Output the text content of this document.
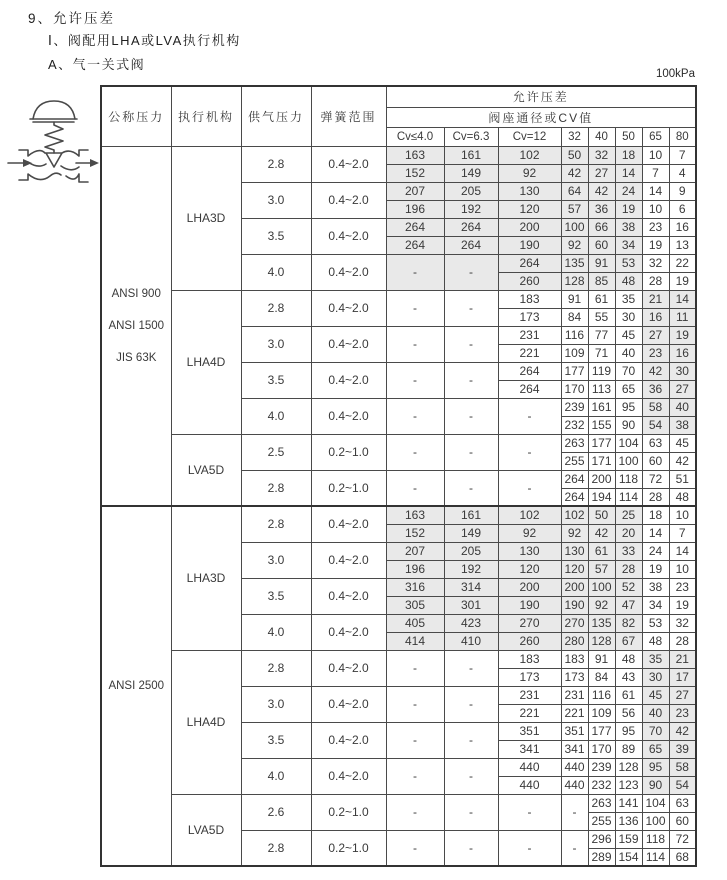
9、允许压差
Ⅰ、阀配用LHA或LVA执行机构
A、气一关式阀
100kPa
公称压力	执行机构	供气压力	弹簧范围	允许压差							
				阀座通径或CV值							
				Cv≤4.0	Cv=6.3	Cv=12	32	40	50	65	80

ANSI 900
ANSI 1500
JIS 63K	LHA3D	2.8	0.4~2.0	163	161	102	50	32	18	10	7
				152	149	92	42	27	14	7	4
		3.0	0.4~2.0	207	205	130	64	42	24	14	9
				196	192	120	57	36	19	10	6
		3.5	0.4~2.0	264	264	200	100	66	38	23	16
				264	264	190	92	60	34	19	13
		4.0	0.4~2.0	-	-	264	135	91	53	32	22
						260	128	85	48	28	19
	LHA4D	2.8	0.4~2.0	-	-	183	91	61	35	21	14
						173	84	55	30	16	11
		3.0	0.4~2.0	-	-	231	116	77	45	27	19
						221	109	71	40	23	16
		3.5	0.4~2.0	-	-	264	177	119	70	42	30
						264	170	113	65	36	27
		4.0	0.4~2.0	-	-	-	239	161	95	58	40
							232	155	90	54	38
	LVA5D	2.5	0.2~1.0	-	-	-	263	177	104	63	45
							255	171	100	60	42
		2.8	0.2~1.0	-	-	-	264	200	118	72	51
							264	194	114	28	48

ANSI 2500	LHA3D	2.8	0.4~2.0	163	161	102	102	50	25	18	10
				152	149	92	92	42	20	14	7
		3.0	0.4~2.0	207	205	130	130	61	33	24	14
				196	192	120	120	57	28	19	10
		3.5	0.4~2.0	316	314	200	200	100	52	38	23
				305	301	190	190	92	47	34	19
		4.0	0.4~2.0	405	423	270	270	135	82	53	32
				414	410	260	280	128	67	48	28
	LHA4D	2.8	0.4~2.0	-	-	183	183	91	48	35	21
						173	173	84	43	30	17
		3.0	0.4~2.0	-	-	231	231	116	61	45	27
						221	221	109	56	40	23
		3.5	0.4~2.0	-	-	351	351	177	95	70	42
						341	341	170	89	65	39
		4.0	0.4~2.0	-	-	440	440	239	128	95	58
						440	440	232	123	90	54
	LVA5D	2.6	0.2~1.0	-	-	-	-	263	141	104	63
								255	136	100	60
		2.8	0.2~1.0	-	-	-	-	296	159	118	72
								289	154	114	68
